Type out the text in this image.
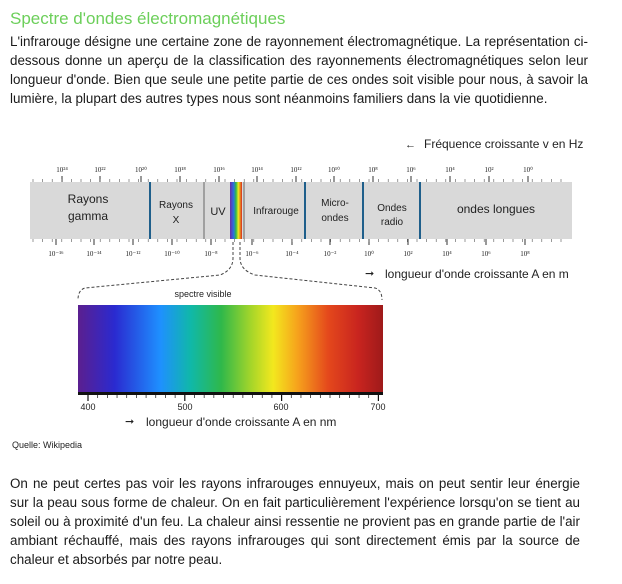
Spectre d'ondes électromagnétiques
L'infrarouge désigne une certaine zone de rayonnement électromagnétique. La représentation ci-dessous donne un aperçu de la classification des rayonnements électromagnétiques selon leur longueur d'onde. Bien que seule une petite partie de ces ondes soit visible pour nous, à savoir la lumière, la plupart des autres types nous sont néanmoins familiers dans la vie quotidienne.
← Fréquence croissante v en Hz
10²⁴	10²²	10²⁰	10¹⁸	10¹⁶	10¹⁴	10¹²	10¹⁰	10⁸	10⁶	10⁴	10²	10⁰
Rayons
gamma
Rayons
X
UV	Infrarouge
Micro-
ondes
Ondes
radio
ondes longues
10⁻¹⁶	10⁻¹⁴	10⁻¹²	10⁻¹⁰	10⁻⁸	10⁻⁶	10⁻⁴	10⁻²	10⁰	10²	10⁴	10⁶	10⁸
➞ longueur d'onde croissante A en m
spectre visible
400	500	600	700
➞ longueur d'onde croissante A en nm
Quelle: Wikipedia
On ne peut certes pas voir les rayons infrarouges ennuyeux, mais on peut sentir leur énergie sur la peau sous forme de chaleur. On en fait particulièrement l'expérience lorsqu'on se tient au soleil ou à proximité d'un feu. La chaleur ainsi ressentie ne provient pas en grande partie de l'air ambiant réchauffé, mais des rayons infrarouges qui sont directement émis par la source de chaleur et absorbés par notre peau.
